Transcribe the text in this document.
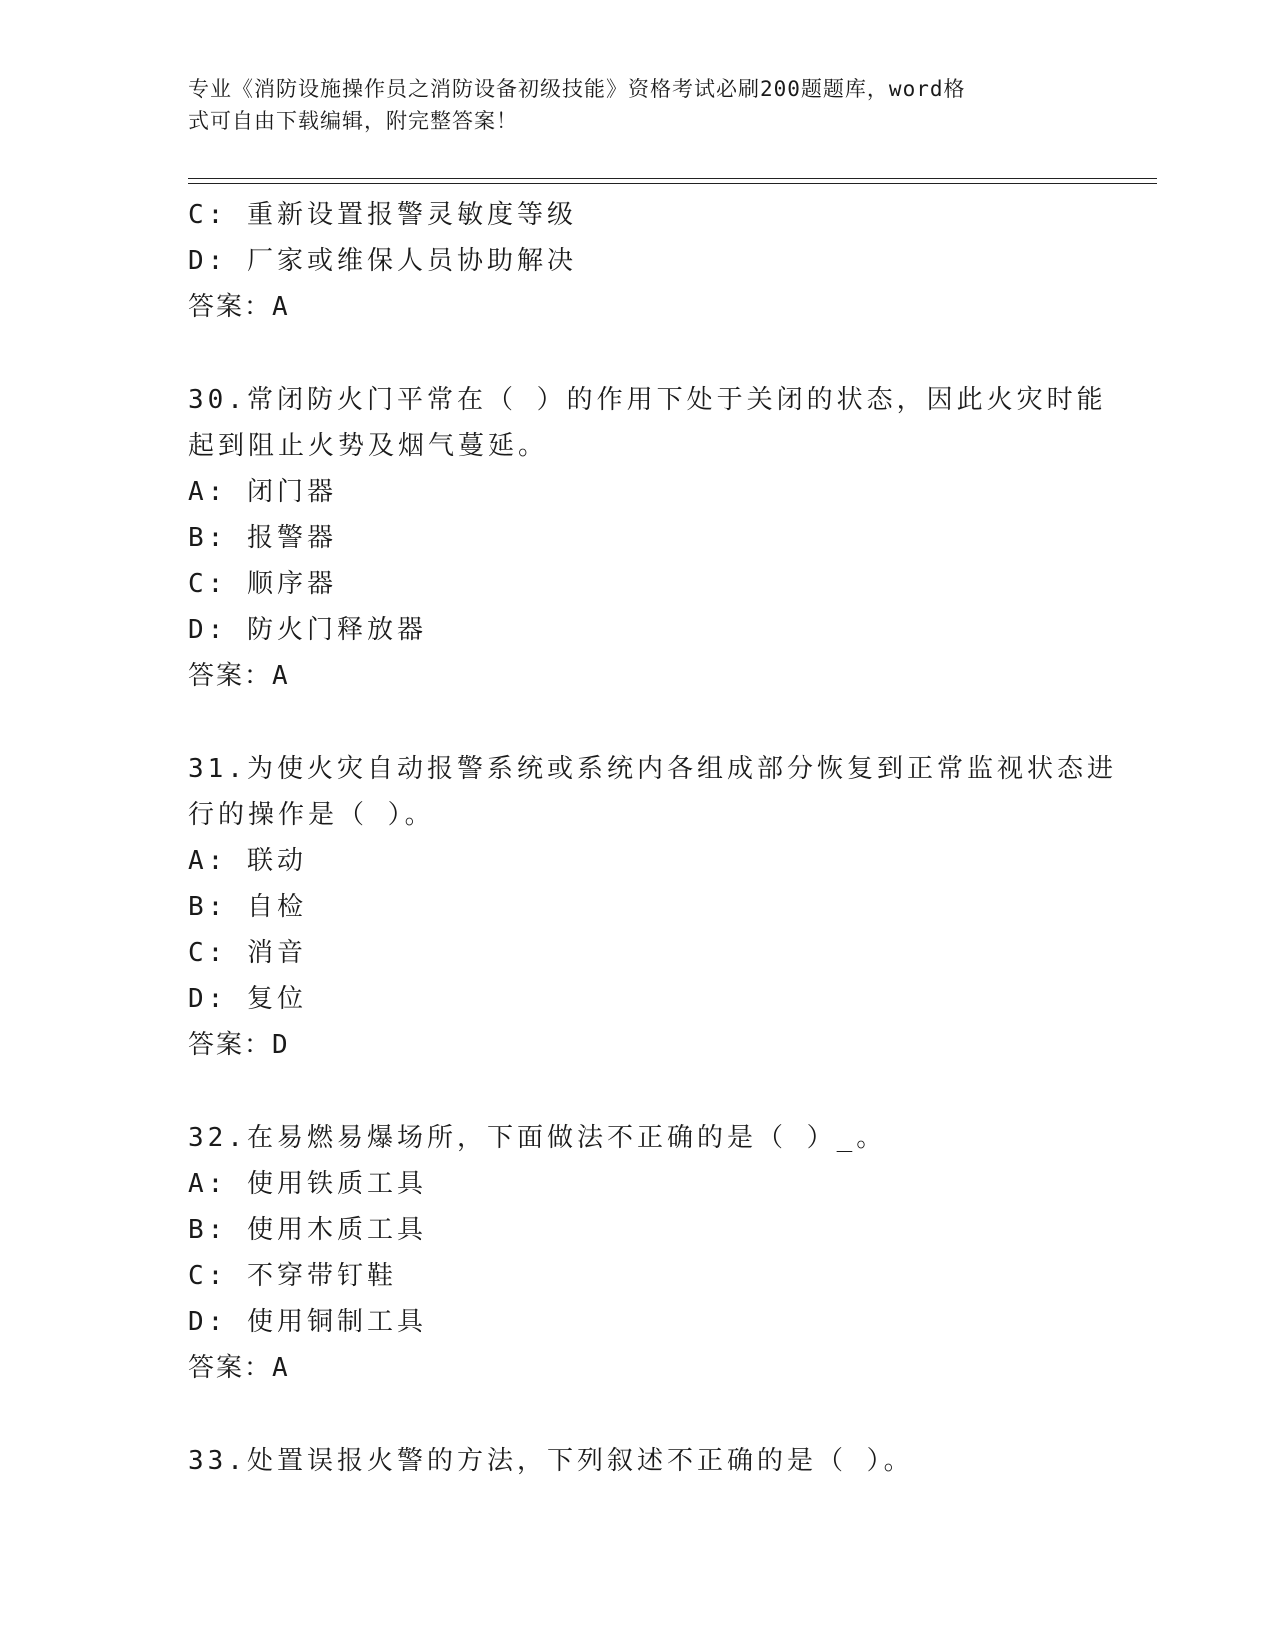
专业《消防设施操作员之消防设备初级技能》资格考试必刷200题题库，word格
式可自由下载编辑，附完整答案！
C: 重新设置报警灵敏度等级
D: 厂家或维保人员协助解决
答案：A
30.常闭防火门平常在（ ）的作用下处于关闭的状态，因此火灾时能
起到阻止火势及烟气蔓延。
A: 闭门器
B: 报警器
C: 顺序器
D: 防火门释放器
答案：A
31.为使火灾自动报警系统或系统内各组成部分恢复到正常监视状态进
行的操作是（ ）。
A: 联动
B: 自检
C: 消音
D: 复位
答案：D
32.在易燃易爆场所，下面做法不正确的是（ ）_。
A: 使用铁质工具
B: 使用木质工具
C: 不穿带钉鞋
D: 使用铜制工具
答案：A
33.处置误报火警的方法，下列叙述不正确的是（ ）。
